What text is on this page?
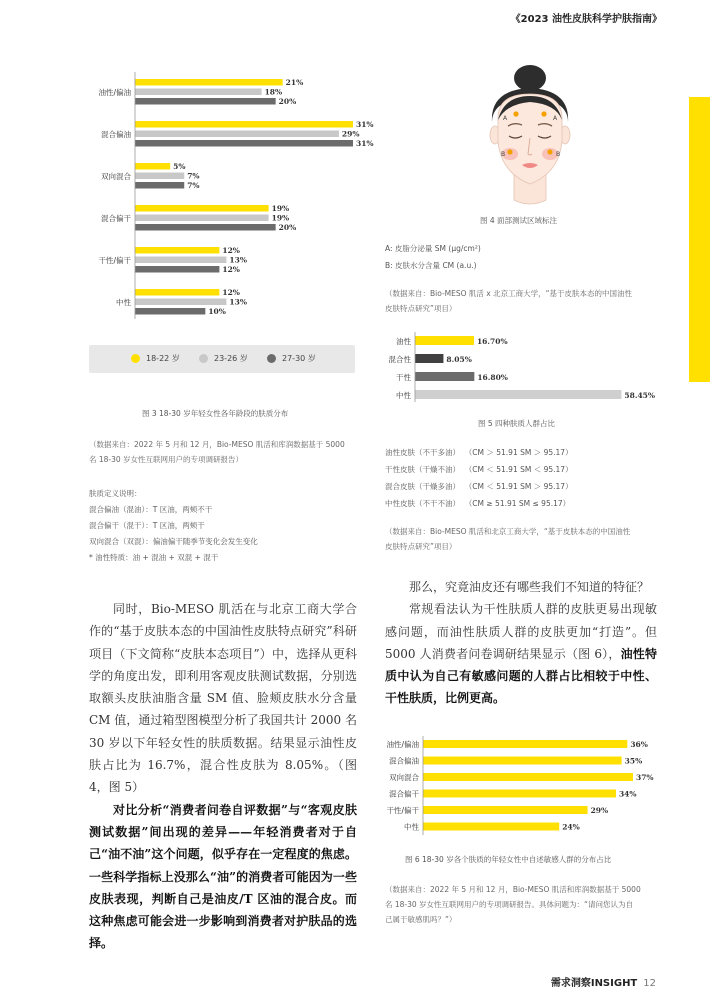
《2023 油性皮肤科学护肤指南》
油性/偏油
21%
18%
20%
混合偏油
31%
29%
31%
双向混合
5%
7%
7%
混合偏干
19%
19%
20%
干性/偏干
12%
13%
12%
中性
12%
13%
10%
18-22 岁	23-26 岁	27-30 岁
图 3 18-30 岁年轻女性各年龄段的肤质分布
（数据来自：2022 年 5 月和 12 月，Bio-MESO 肌活和库润数据基于 5000
名 18-30 岁女性互联网用户的专项调研报告）
肤质定义说明：
混合偏油（混油）：T 区油，两颊不干
混合偏干（混干）：T 区油，两颊干
双向混合（双混）：偏油偏干随季节变化会发生变化
* 油性特质：油 + 混油 + 双混 + 混干

同时，Bio-MESO 肌活在与北京工商大学合作的“基于皮肤本态的中国油性皮肤特点研究”科研项目（下文简称“皮肤本态项目”）中，选择从更科学的角度出发，即利用客观皮肤测试数据，分别选取额头皮肤油脂含量 SM 值、脸颊皮肤水分含量 CM 值，通过箱型图模型分析了我国共计 2000 名 30 岁以下年轻女性的肤质数据。结果显示油性皮肤占比为 16.7%，混合性皮肤为 8.05%。（图 4，图 5）

对比分析“消费者问卷自评数据”与“客观皮肤测试数据”间出现的差异——年轻消费者对于自己“油不油”这个问题，似乎存在一定程度的焦虑。一些科学指标上没那么“油”的消费者可能因为一些皮肤表现，判断自己是油皮/T 区油的混合皮。而这种焦虑可能会进一步影响到消费者对护肤品的选择。

A
B
A
B
图 4 面部测试区域标注
A: 皮脂分泌量 SM (μg/cm²)
B: 皮肤水分含量 CM (a.u.)
（数据来自：Bio-MESO 肌活 x 北京工商大学，“基于皮肤本态的中国油性
皮肤特点研究”项目）
油性	16.70%
混合性	8.05%
干性	16.80%
中性	58.45%
图 5 四种肤质人群占比
油性皮肤（不干多油） （CM ＞ 51.91 SM ＞ 95.17）
干性皮肤（干燥不油） （CM ＜ 51.91 SM ＜ 95.17）
混合皮肤（干燥多油） （CM ＜ 51.91 SM ＞ 95.17）
中性皮肤（不干不油） （CM ≥ 51.91 SM ≤ 95.17）
（数据来自：Bio-MESO 肌活和北京工商大学，“基于皮肤本态的中国油性
皮肤特点研究”项目）

那么，究竟油皮还有哪些我们不知道的特征？

常规看法认为干性肤质人群的皮肤更易出现敏感问题，而油性肤质人群的皮肤更加“打造”。但 5000 人消费者问卷调研结果显示（图 6），油性特质中认为自己有敏感问题的人群占比相较于中性、干性肤质，比例更高。

油性/偏油	36%
混合偏油	35%
双向混合	37%
混合偏干	34%
干性/偏干	29%
中性	24%
图 6 18-30 岁各个肤质的年轻女性中自述敏感人群的分布占比
（数据来自：2022 年 5 月和 12 月，Bio-MESO 肌活和库润数据基于 5000
名 18-30 岁女性互联网用户的专项调研报告。具体问题为：“请问您认为自
己属于敏感肌吗？”）
需求洞察INSIGHT 12
